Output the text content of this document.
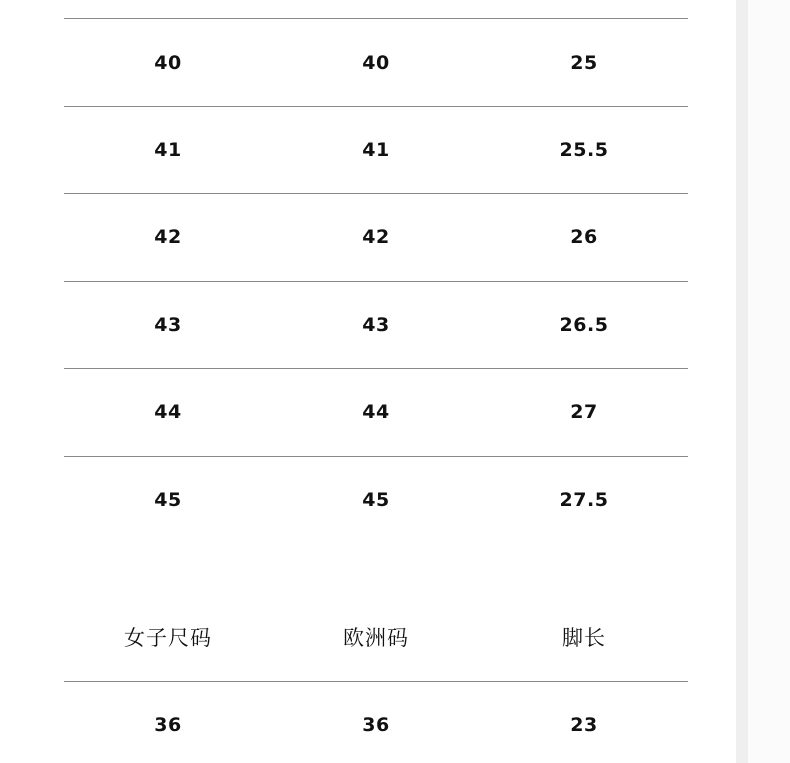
40	40	25
41	41	25.5
42	42	26
43	43	26.5
44	44	27
45	45	27.5
女子尺码	欧洲码	脚长
36	36	23
